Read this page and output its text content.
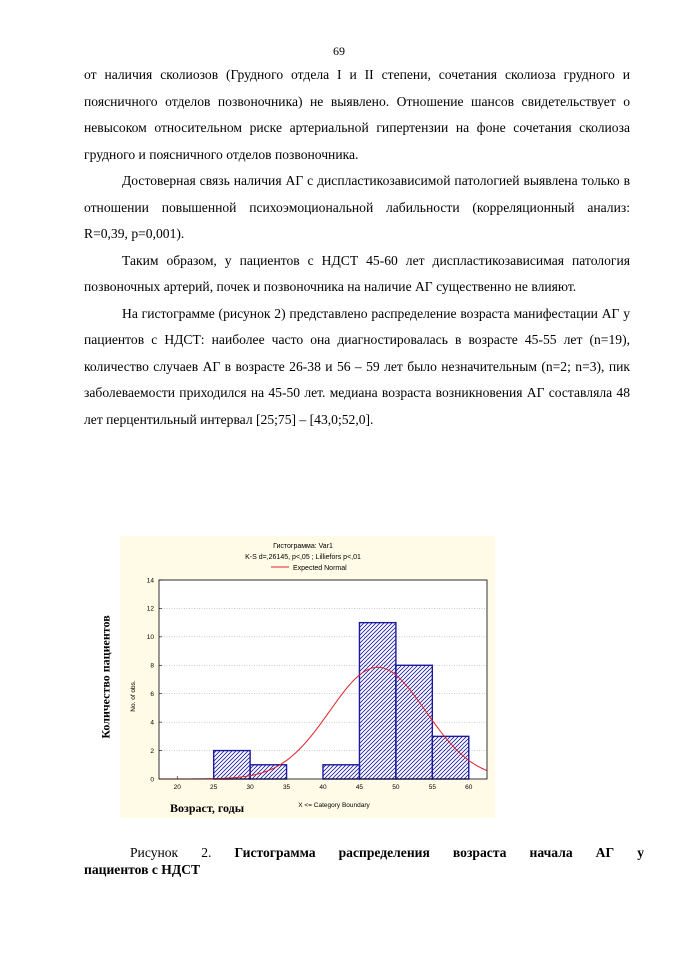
69

от наличия сколиозов (Грудного отдела I и II степени, сочетания сколиоза грудного и поясничного отделов позвоночника) не выявлено. Отношение шансов свидетельствует о невысоком относительном риске артериальной гипертензии на фоне сочетания сколиоза грудного и поясничного отделов позвоночника.

Достоверная связь наличия АГ с диспластикозависимой патологией выявлена только в отношении повышенной психоэмоциональной лабильности (корреляционный анализ: R=0,39, p=0,001).

Таким образом, у пациентов с НДСТ 45-60 лет диспластикозависимая патология позвоночных артерий, почек и позвоночника на наличие АГ существенно не влияют.

На гистограмме (рисунок 2) представлено распределение возраста манифестации АГ у пациентов с НДСТ: наиболее часто она диагностировалась в возрасте 45-55 лет (n=19), количество случаев АГ в возрасте 26-38 и 56 – 59 лет было незначительным (n=2; n=3), пик заболеваемости приходился на 45-50 лет. медиана возраста возникновения АГ составляла 48 лет перцентильный интервал [25;75] – [43,0;52,0].

Количество пациентов
Гистограмма: Var1
K-S d=,26145, p<,05 ; Lilliefors p<,01
Expected Normal
No. of obs.
X <= Category Boundary
0
2
4
6
8
10
12
14
20	25	30	35	40	45	50	55	60
Возраст, годы
Рисунок 2. Гистограмма распределения возраста начала АГ у
пациентов с НДСТ
